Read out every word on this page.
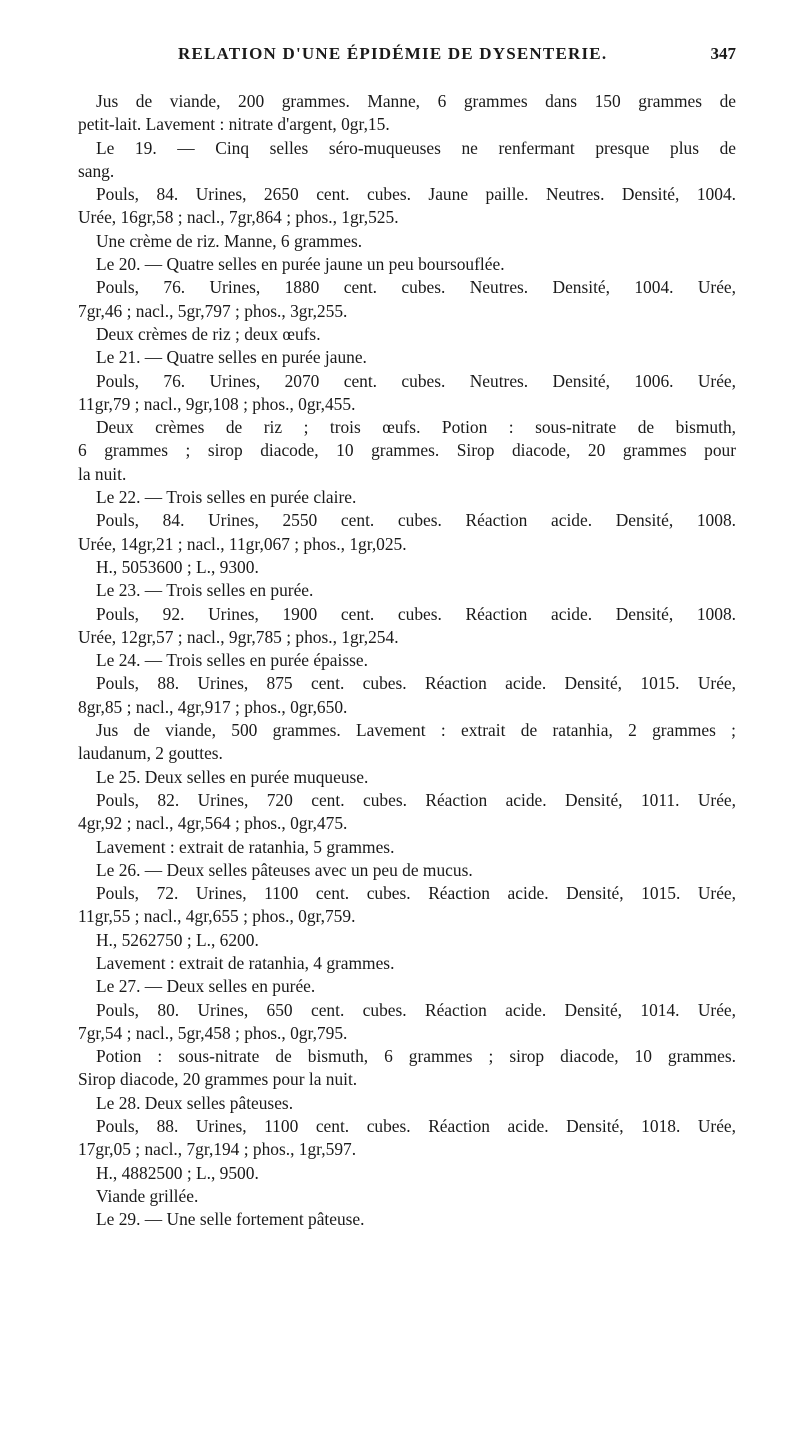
RELATION D'UNE ÉPIDÉMIE DE DYSENTERIE.	347
Jus de viande, 200 grammes. Manne, 6 grammes dans 150 grammes de
petit-lait. Lavement : nitrate d'argent, 0gr,15.
Le 19. — Cinq selles séro-muqueuses ne renfermant presque plus de
sang.
Pouls, 84. Urines, 2650 cent. cubes. Jaune paille. Neutres. Densité, 1004.
Urée, 16gr,58 ; nacl., 7gr,864 ; phos., 1gr,525.
Une crème de riz. Manne, 6 grammes.
Le 20. — Quatre selles en purée jaune un peu boursouflée.
Pouls, 76. Urines, 1880 cent. cubes. Neutres. Densité, 1004. Urée,
7gr,46 ; nacl., 5gr,797 ; phos., 3gr,255.
Deux crèmes de riz ; deux œufs.
Le 21. — Quatre selles en purée jaune.
Pouls, 76. Urines, 2070 cent. cubes. Neutres. Densité, 1006. Urée,
11gr,79 ; nacl., 9gr,108 ; phos., 0gr,455.
Deux crèmes de riz ; trois œufs. Potion : sous-nitrate de bismuth,
6 grammes ; sirop diacode, 10 grammes. Sirop diacode, 20 grammes pour
la nuit.
Le 22. — Trois selles en purée claire.
Pouls, 84. Urines, 2550 cent. cubes. Réaction acide. Densité, 1008.
Urée, 14gr,21 ; nacl., 11gr,067 ; phos., 1gr,025.
H., 5053600 ; L., 9300.
Le 23. — Trois selles en purée.
Pouls, 92. Urines, 1900 cent. cubes. Réaction acide. Densité, 1008.
Urée, 12gr,57 ; nacl., 9gr,785 ; phos., 1gr,254.
Le 24. — Trois selles en purée épaisse.
Pouls, 88. Urines, 875 cent. cubes. Réaction acide. Densité, 1015. Urée,
8gr,85 ; nacl., 4gr,917 ; phos., 0gr,650.
Jus de viande, 500 grammes. Lavement : extrait de ratanhia, 2 grammes ;
laudanum, 2 gouttes.
Le 25. Deux selles en purée muqueuse.
Pouls, 82. Urines, 720 cent. cubes. Réaction acide. Densité, 1011. Urée,
4gr,92 ; nacl., 4gr,564 ; phos., 0gr,475.
Lavement : extrait de ratanhia, 5 grammes.
Le 26. — Deux selles pâteuses avec un peu de mucus.
Pouls, 72. Urines, 1100 cent. cubes. Réaction acide. Densité, 1015. Urée,
11gr,55 ; nacl., 4gr,655 ; phos., 0gr,759.
H., 5262750 ; L., 6200.
Lavement : extrait de ratanhia, 4 grammes.
Le 27. — Deux selles en purée.
Pouls, 80. Urines, 650 cent. cubes. Réaction acide. Densité, 1014. Urée,
7gr,54 ; nacl., 5gr,458 ; phos., 0gr,795.
Potion : sous-nitrate de bismuth, 6 grammes ; sirop diacode, 10 grammes.
Sirop diacode, 20 grammes pour la nuit.
Le 28. Deux selles pâteuses.
Pouls, 88. Urines, 1100 cent. cubes. Réaction acide. Densité, 1018. Urée,
17gr,05 ; nacl., 7gr,194 ; phos., 1gr,597.
H., 4882500 ; L., 9500.
Viande grillée.
Le 29. — Une selle fortement pâteuse.
